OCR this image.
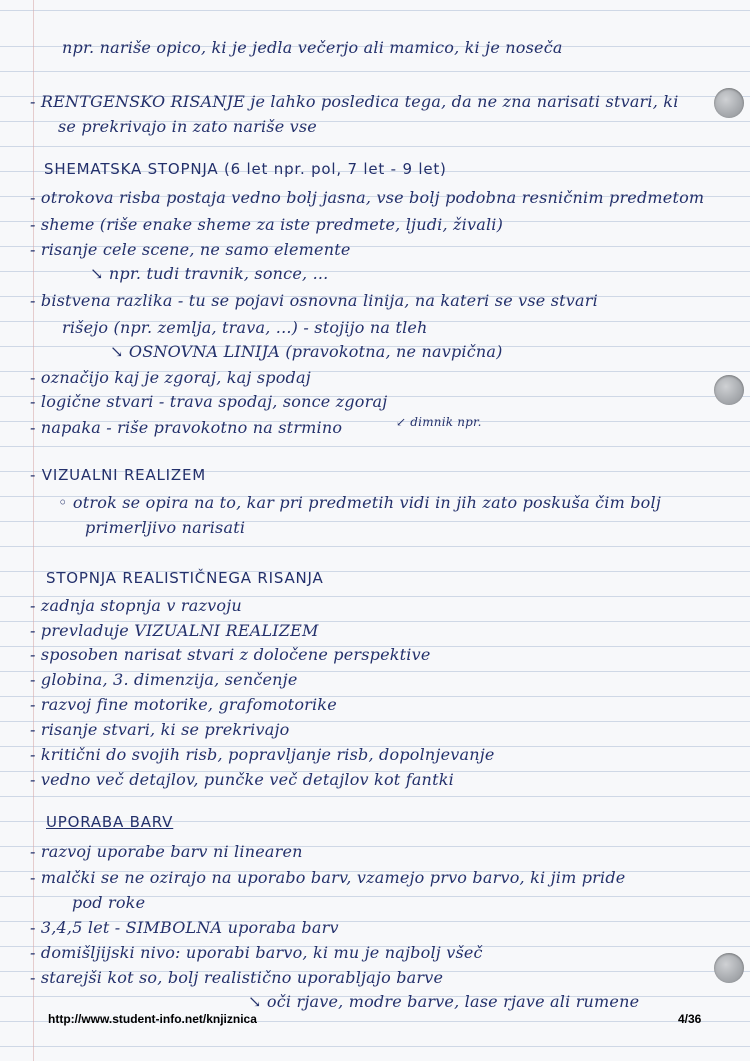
npr. nariše opico, ki je jedla večerjo ali mamico, ki je noseča
- RENTGENSKO RISANJE je lahko posledica tega, da ne zna narisati stvari, ki
se prekrivajo in zato nariše vse
SHEMATSKA STOPNJA (6 let npr. pol, 7 let - 9 let)
- otrokova risba postaja vedno bolj jasna, vse bolj podobna resničnim predmetom
- sheme (riše enake sheme za iste predmete, ljudi, živali)
- risanje cele scene, ne samo elemente
↘ npr. tudi travnik, sonce, ...
- bistvena razlika - tu se pojavi osnovna linija, na kateri se vse stvari
rišejo (npr. zemlja, trava, ...) - stojijo na tleh
↘ OSNOVNA LINIJA (pravokotna, ne navpična)
- označijo kaj je zgoraj, kaj spodaj
- logične stvari - trava spodaj, sonce zgoraj
- napaka - riše pravokotno na strmino	↙ dimnik npr.
- VIZUALNI REALIZEM
◦ otrok se opira na to, kar pri predmetih vidi in jih zato poskuša čim bolj
primerljivo narisati
STOPNJA REALISTIČNEGA RISANJA
- zadnja stopnja v razvoju
- prevladuje VIZUALNI REALIZEM
- sposoben narisat stvari z določene perspektive
- globina, 3. dimenzija, senčenje
- razvoj fine motorike, grafomotorike
- risanje stvari, ki se prekrivajo
- kritični do svojih risb, popravljanje risb, dopolnjevanje
- vedno več detajlov, punčke več detajlov kot fantki
UPORABA BARV
- razvoj uporabe barv ni linearen
- malčki se ne ozirajo na uporabo barv, vzamejo prvo barvo, ki jim pride
pod roke
- 3,4,5 let - SIMBOLNA uporaba barv
- domišljijski nivo: uporabi barvo, ki mu je najbolj všeč
- starejši kot so, bolj realistično uporabljajo barve
↘ oči rjave, modre barve, lase rjave ali rumene
http://www.student-info.net/knjiznica	4/36
